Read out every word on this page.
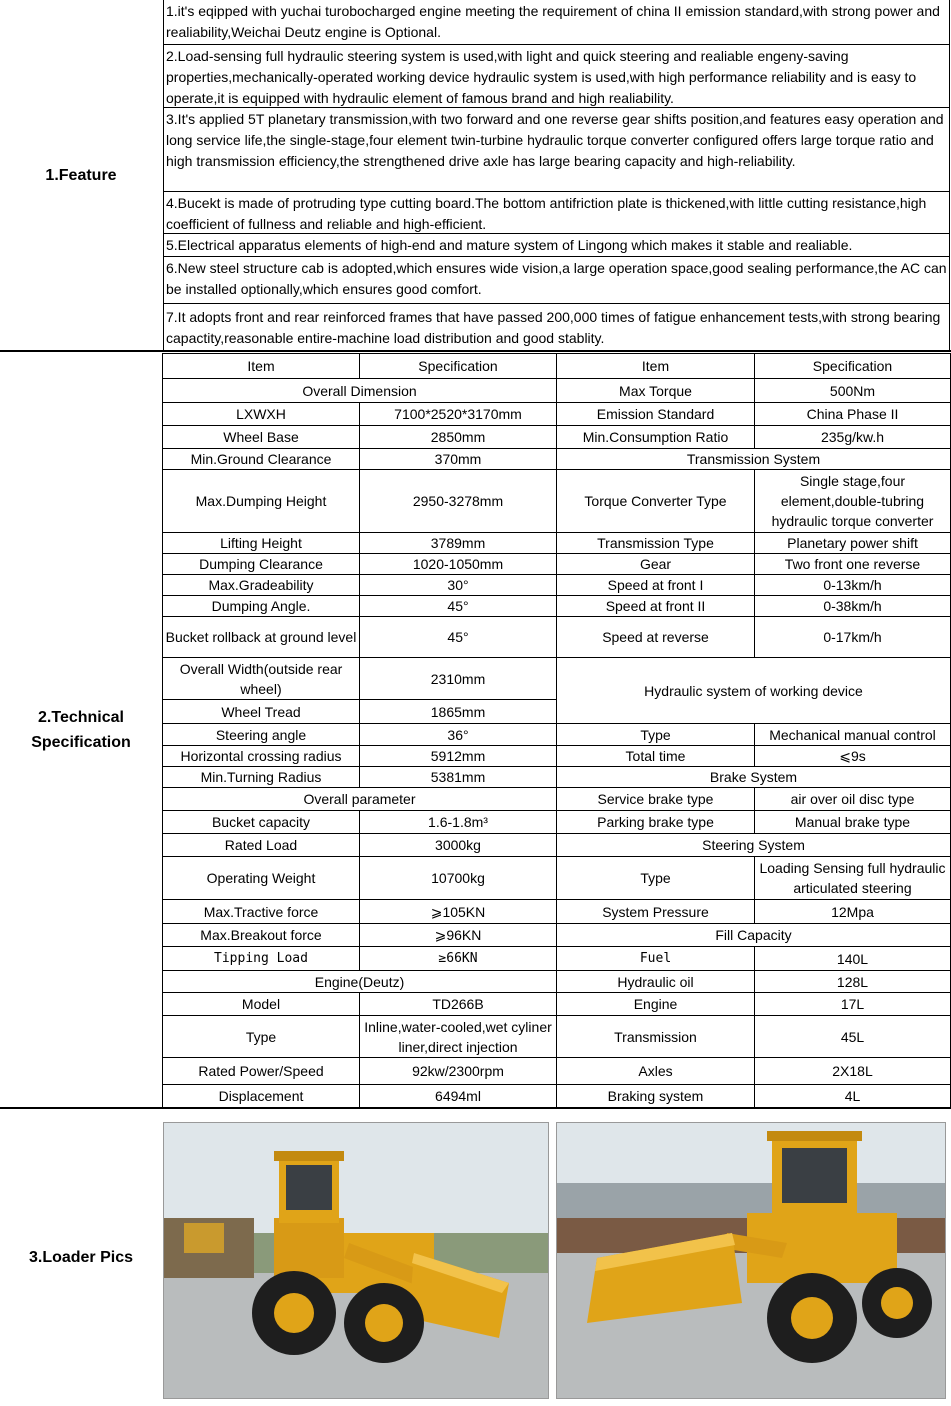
1.Feature
1.it's eqipped with yuchai turobocharged engine meeting the requirement of china II emission standard,with strong power and realiability,Weichai Deutz engine is Optional.
2.Load-sensing full hydraulic steering system is used,with light and quick steering and realiable engeny-saving properties,mechanically-operated working device hydraulic system is used,with high performance reliability and is easy to operate,it is equipped with hydraulic element of famous brand and high realiability.
3.It's applied 5T planetary transmission,with two forward and one reverse gear shifts position,and features easy operation and long service life,the single-stage,four element twin-turbine hydraulic torque converter configured offers large torque ratio and high transmission efficiency,the strengthened drive axle has large bearing capacity and high-reliability.
4.Bucekt is made of protruding type cutting board.The bottom antifriction plate is thickened,with little cutting resistance,high coefficient of fullness and reliable and high-efficient.
5.Electrical apparatus elements of high-end and mature system of Lingong which makes it stable and realiable.
6.New steel structure cab is adopted,which ensures wide vision,a large operation space,good sealing performance,the AC can be installed optionally,which ensures good comfort.
7.It adopts front and rear reinforced frames that have passed 200,000 times of fatigue enhancement tests,with strong bearing capactity,reasonable entire-machine load distribution and good stablity.
2.Technical Specification
Item	Specification	Item	Specification
Overall Dimension		Max Torque	500Nm
LXWXH	7100*2520*3170mm	Emission Standard	China Phase II
Wheel Base	2850mm	Min.Consumption Ratio	235g/kw.h
Min.Ground Clearance	370mm	Transmission System	
Max.Dumping Height	2950-3278mm	Torque Converter Type	Single stage,four element,double-tubring hydraulic torque converter
Lifting Height	3789mm	Transmission Type	Planetary power shift
Dumping Clearance	1020-1050mm	Gear	Two front one reverse
Max.Gradeability	30°	Speed at front I	0-13km/h
Dumping Angle.	45°	Speed at front II	0-38km/h
Bucket rollback at ground level	45°	Speed at reverse	0-17km/h
Overall Width(outside rear wheel)	2310mm	Hydraulic system of working device	
Wheel Tread	1865mm		
Steering angle	36°	Type	Mechanical manual control
Horizontal crossing radius	5912mm	Total time	⩽9s
Min.Turning Radius	5381mm	Brake System	
Overall parameter		Service brake type	air over oil disc type
Bucket capacity	1.6-1.8m³	Parking brake type	Manual brake type
Rated Load	3000kg	Steering System	
Operating Weight	10700kg	Type	Loading Sensing full hydraulic articulated steering
Max.Tractive force	⩾105KN	System Pressure	12Mpa
Max.Breakout force	⩾96KN	Fill Capacity	
Tipping Load	≥66KN	Fuel	140L
Engine(Deutz)		Hydraulic oil	128L
Model	TD266B	Engine	17L
Type	Inline,water-cooled,wet cyliner liner,direct injection	Transmission	45L
Rated Power/Speed	92kw/2300rpm	Axles	2X18L
Displacement	6494ml	Braking system	4L
3.Loader Pics
